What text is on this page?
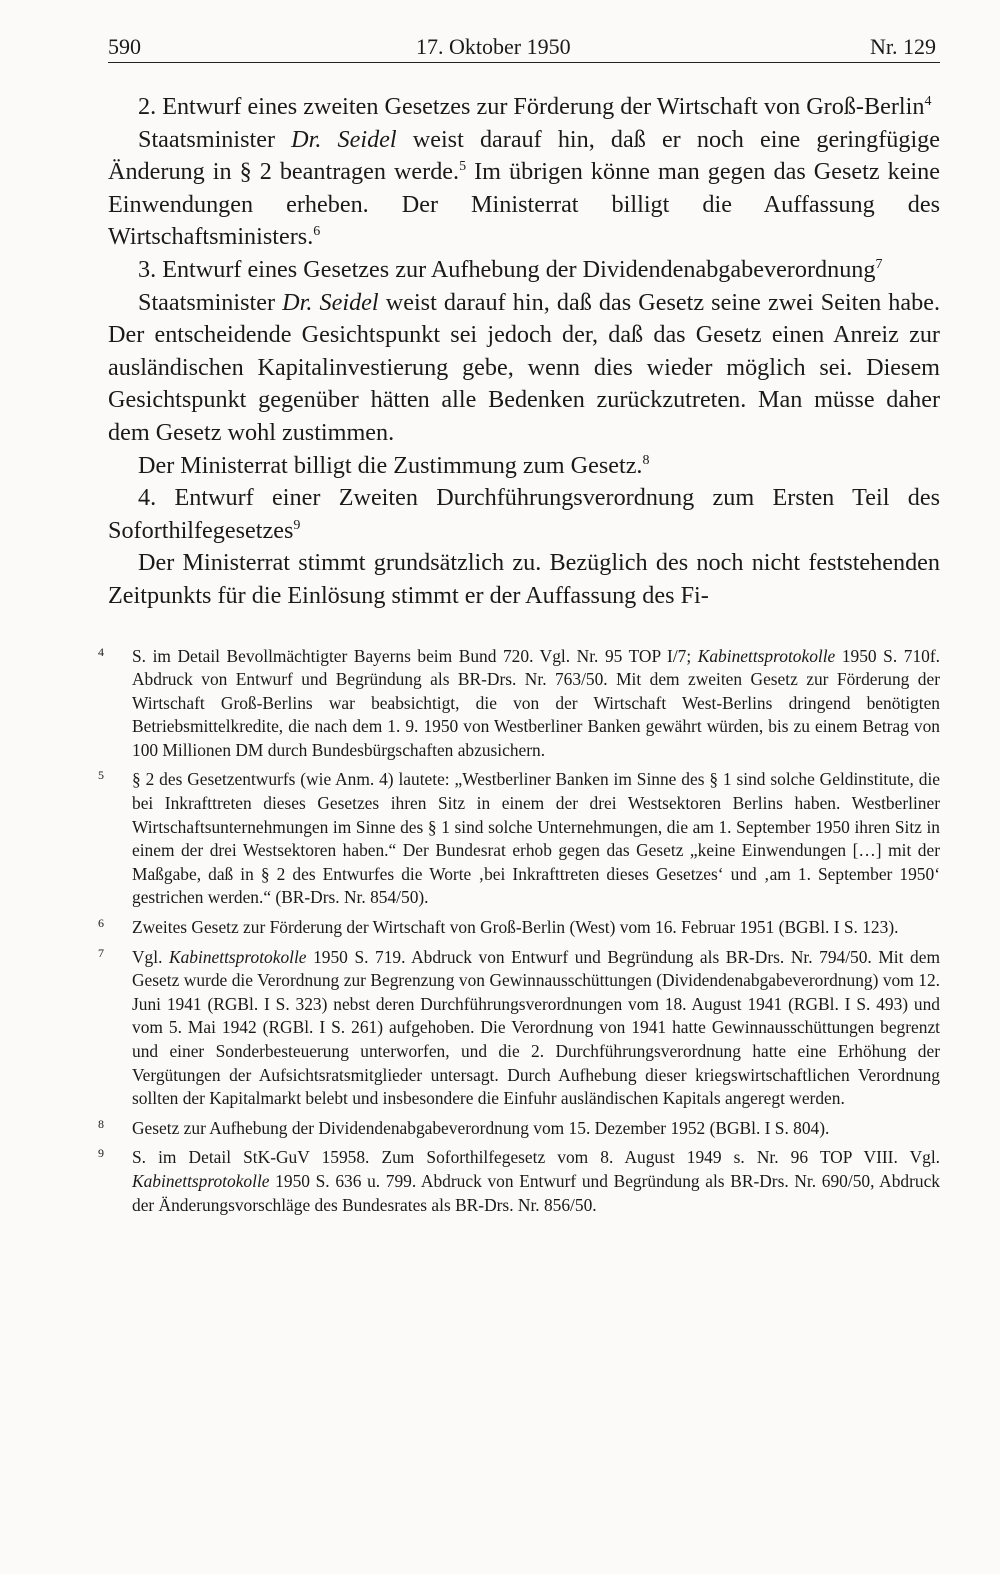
590	17. Oktober 1950	Nr. 129

2. Entwurf eines zweiten Gesetzes zur Förderung der Wirtschaft von Groß-Berlin$^4$

Staatsminister Dr. Seidel weist darauf hin, daß er noch eine geringfügige Änderung in § 2 beantragen werde.$^5$ Im übrigen könne man gegen das Gesetz keine Einwendungen erheben. Der Ministerrat billigt die Auffassung des Wirtschaftsministers.$^6$

3. Entwurf eines Gesetzes zur Aufhebung der Dividendenabgabeverordnung$^7$

Staatsminister Dr. Seidel weist darauf hin, daß das Gesetz seine zwei Seiten habe. Der entscheidende Gesichtspunkt sei jedoch der, daß das Gesetz einen Anreiz zur ausländischen Kapitalinvestierung gebe, wenn dies wieder möglich sei. Diesem Gesichtspunkt gegenüber hätten alle Bedenken zurückzutreten. Man müsse daher dem Gesetz wohl zustimmen.

Der Ministerrat billigt die Zustimmung zum Gesetz.$^8$

4. Entwurf einer Zweiten Durchführungsverordnung zum Ersten Teil des Soforthilfegesetzes$^9$

Der Ministerrat stimmt grundsätzlich zu. Bezüglich des noch nicht feststehenden Zeitpunkts für die Einlösung stimmt er der Auffassung des Fi-

4 S. im Detail Bevollmächtigter Bayerns beim Bund 720. Vgl. Nr. 95 TOP I/7; Kabinettsprotokolle 1950 S. 710f. Abdruck von Entwurf und Begründung als BR-Drs. Nr. 763/50. Mit dem zweiten Gesetz zur Förderung der Wirtschaft Groß-Berlins war beabsichtigt, die von der Wirtschaft West-Berlins dringend benötigten Betriebsmittelkredite, die nach dem 1. 9. 1950 von Westberliner Banken gewährt würden, bis zu einem Betrag von 100 Millionen DM durch Bundesbürgschaften abzusichern.
5 § 2 des Gesetzentwurfs (wie Anm. 4) lautete: „Westberliner Banken im Sinne des § 1 sind solche Geldinstitute, die bei Inkrafttreten dieses Gesetzes ihren Sitz in einem der drei Westsektoren Berlins haben. Westberliner Wirtschaftsunternehmungen im Sinne des § 1 sind solche Unternehmungen, die am 1. September 1950 ihren Sitz in einem der drei Westsektoren haben.“ Der Bundesrat erhob gegen das Gesetz „keine Einwendungen […] mit der Maßgabe, daß in § 2 des Entwurfes die Worte ‚bei Inkrafttreten dieses Gesetzes‘ und ‚am 1. September 1950‘ gestrichen werden.“ (BR-Drs. Nr. 854/50).
6 Zweites Gesetz zur Förderung der Wirtschaft von Groß-Berlin (West) vom 16. Februar 1951 (BGBl. I S. 123).
7 Vgl. Kabinettsprotokolle 1950 S. 719. Abdruck von Entwurf und Begründung als BR-Drs. Nr. 794/50. Mit dem Gesetz wurde die Verordnung zur Begrenzung von Gewinnausschüttungen (Dividendenabgabeverordnung) vom 12. Juni 1941 (RGBl. I S. 323) nebst deren Durchführungsverordnungen vom 18. August 1941 (RGBl. I S. 493) und vom 5. Mai 1942 (RGBl. I S. 261) aufgehoben. Die Verordnung von 1941 hatte Gewinnausschüttungen begrenzt und einer Sonderbesteuerung unterworfen, und die 2. Durchführungsverordnung hatte eine Erhöhung der Vergütungen der Aufsichtsratsmitglieder untersagt. Durch Aufhebung dieser kriegswirtschaftlichen Verordnung sollten der Kapitalmarkt belebt und insbesondere die Einfuhr ausländischen Kapitals angeregt werden.
8 Gesetz zur Aufhebung der Dividendenabgabeverordnung vom 15. Dezember 1952 (BGBl. I S. 804).
9 S. im Detail StK-GuV 15958. Zum Soforthilfegesetz vom 8. August 1949 s. Nr. 96 TOP VIII. Vgl. Kabinettsprotokolle 1950 S. 636 u. 799. Abdruck von Entwurf und Begründung als BR-Drs. Nr. 690/50, Abdruck der Änderungsvorschläge des Bundesrates als BR-Drs. Nr. 856/50.
